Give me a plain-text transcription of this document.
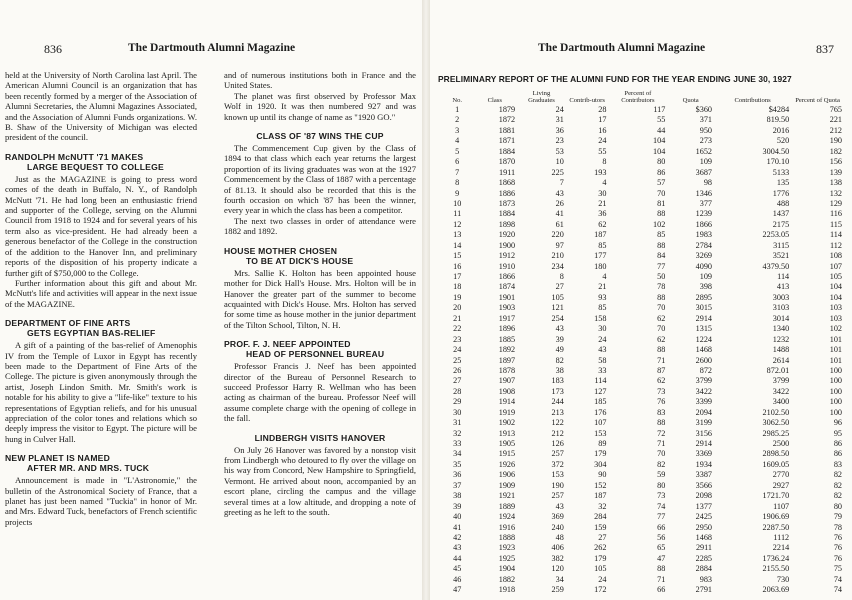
836	The Dartmouth Alumni Magazine

held at the University of North Carolina last April. The American Alumni Council is an organization that has been recently formed by a merger of the Association of Alumni Secretaries, the Alumni Magazines Associated, and the Association of Alumni Funds organizations. W. B. Shaw of the University of Michigan was elected president of the council.

RANDOLPH McNUTT '71 MAKES
LARGE BEQUEST TO COLLEGE

Just as the MAGAZINE is going to press word comes of the death in Buffalo, N. Y., of Randolph McNutt '71. He had long been an enthusiastic friend and supporter of the College, serving on the Alumni Council from 1918 to 1924 and for several years of his term also as vice-president. He had already been a generous benefactor of the College in the construction of the addition to the Hanover Inn, and preliminary reports of the disposition of his property indicate a further gift of $750,000 to the College.

Further information about this gift and about Mr. McNutt's life and activities will appear in the next issue of the MAGAZINE.

DEPARTMENT OF FINE ARTS
GETS EGYPTIAN BAS-RELIEF

A gift of a painting of the bas-relief of Amenophis IV from the Temple of Luxor in Egypt has recently been made to the Department of Fine Arts of the College. The picture is given anonymously through the artist, Joseph Lindon Smith. Mr. Smith's work is notable for his ability to give a "life-like" texture to his representations of Egyptian reliefs, and for his unusual appreciation of the color tones and relations which so deeply impress the visitor to Egypt. The picture will be hung in Culver Hall.

NEW PLANET IS NAMED
AFTER MR. AND MRS. TUCK

Announcement is made in "L'Astronomie," the bulletin of the Astronomical Society of France, that a planet has just been named "Tuckia" in honor of Mr. and Mrs. Edward Tuck, benefactors of French scientific projects

and of numerous institutions both in France and the United States.

The planet was first observed by Professor Max Wolf in 1920. It was then numbered 927 and was known up until its change of name as "1920 GO."

CLASS OF '87 WINS THE CUP

The Commencement Cup given by the Class of 1894 to that class which each year returns the largest proportion of its living graduates was won at the 1927 Commencement by the Class of 1887 with a percentage of 81.13. It should also be recorded that this is the fourth occasion on which '87 has been the winner, every year in which the class has been a competitor.

The next two classes in order of attendance were 1882 and 1892.

HOUSE MOTHER CHOSEN
TO BE AT DICK'S HOUSE

Mrs. Sallie K. Holton has been appointed house mother for Dick Hall's House. Mrs. Holton will be in Hanover the greater part of the summer to become acquainted with Dick's House. Mrs. Holton has served for some time as house mother in the junior department of the Tilton School, Tilton, N. H.

PROF. F. J. NEEF APPOINTED
HEAD OF PERSONNEL BUREAU

Professor Francis J. Neef has been appointed director of the Bureau of Personnel Research to succeed Professor Harry R. Wellman who has been acting as chairman of the bureau. Professor Neef will assume complete charge with the opening of college in the fall.

LINDBERGH VISITS HANOVER

On July 26 Hanover was favored by a nonstop visit from Lindbergh who detoured to fly over the village on his way from Concord, New Hampshire to Springfield, Vermont. He arrived about noon, accompanied by an escort plane, circling the campus and the village several times at a low altitude, and dropping a note of greeting as he left to the south.

The Dartmouth Alumni Magazine	837
PRELIMINARY REPORT OF THE ALUMNI FUND FOR THE YEAR ENDING JUNE 30, 1927
No.	Class	Living Graduates	Contrib-utors	Percent of Contributors	Quota	Contributions	Percent of Quota
1	1879	24	28	117	$360	$4284	765
2	1872	31	17	55	371	819.50	221
3	1881	36	16	44	950	2016	212
4	1871	23	24	104	273	520	190
5	1884	53	55	104	1652	3004.50	182
6	1870	10	8	80	109	170.10	156
7	1911	225	193	86	3687	5133	139
8	1868	7	4	57	98	135	138
9	1886	43	30	70	1346	1776	132
10	1873	26	21	81	377	488	129
11	1884	41	36	88	1239	1437	116
12	1898	61	62	102	1866	2175	115
13	1920	220	187	85	1983	2253.05	114
14	1900	97	85	88	2784	3115	112
15	1912	210	177	84	3269	3521	108
16	1910	234	180	77	4090	4379.50	107
17	1866	8	4	50	109	114	105
18	1874	27	21	78	398	413	104
19	1901	105	93	88	2895	3003	104
20	1903	121	85	70	3015	3103	103
21	1917	254	158	62	2914	3014	103
22	1896	43	30	70	1315	1340	102
23	1885	39	24	62	1224	1232	101
24	1892	49	43	88	1468	1488	101
25	1897	82	58	71	2600	2614	101
26	1878	38	33	87	872	872.01	100
27	1907	183	114	62	3799	3799	100
28	1908	173	127	73	3422	3422	100
29	1914	244	185	76	3399	3400	100
30	1919	213	176	83	2094	2102.50	100
31	1902	122	107	88	3199	3062.50	96
32	1913	212	153	72	3156	2985.25	95
33	1905	126	89	71	2914	2500	86
34	1915	257	179	70	3369	2898.50	86
35	1926	372	304	82	1934	1609.05	83
36	1906	153	90	59	3387	2770	82
37	1909	190	152	80	3566	2927	82
38	1921	257	187	73	2098	1721.70	82
39	1889	43	32	74	1377	1107	80
40	1924	369	284	77	2425	1906.69	79
41	1916	240	159	66	2950	2287.50	78
42	1888	48	27	56	1468	1112	76
43	1923	406	262	65	2911	2214	76
44	1925	382	179	47	2285	1736.24	76
45	1904	120	105	88	2884	2155.50	75
46	1882	34	24	71	983	730	74
47	1918	259	172	66	2791	2063.69	74
